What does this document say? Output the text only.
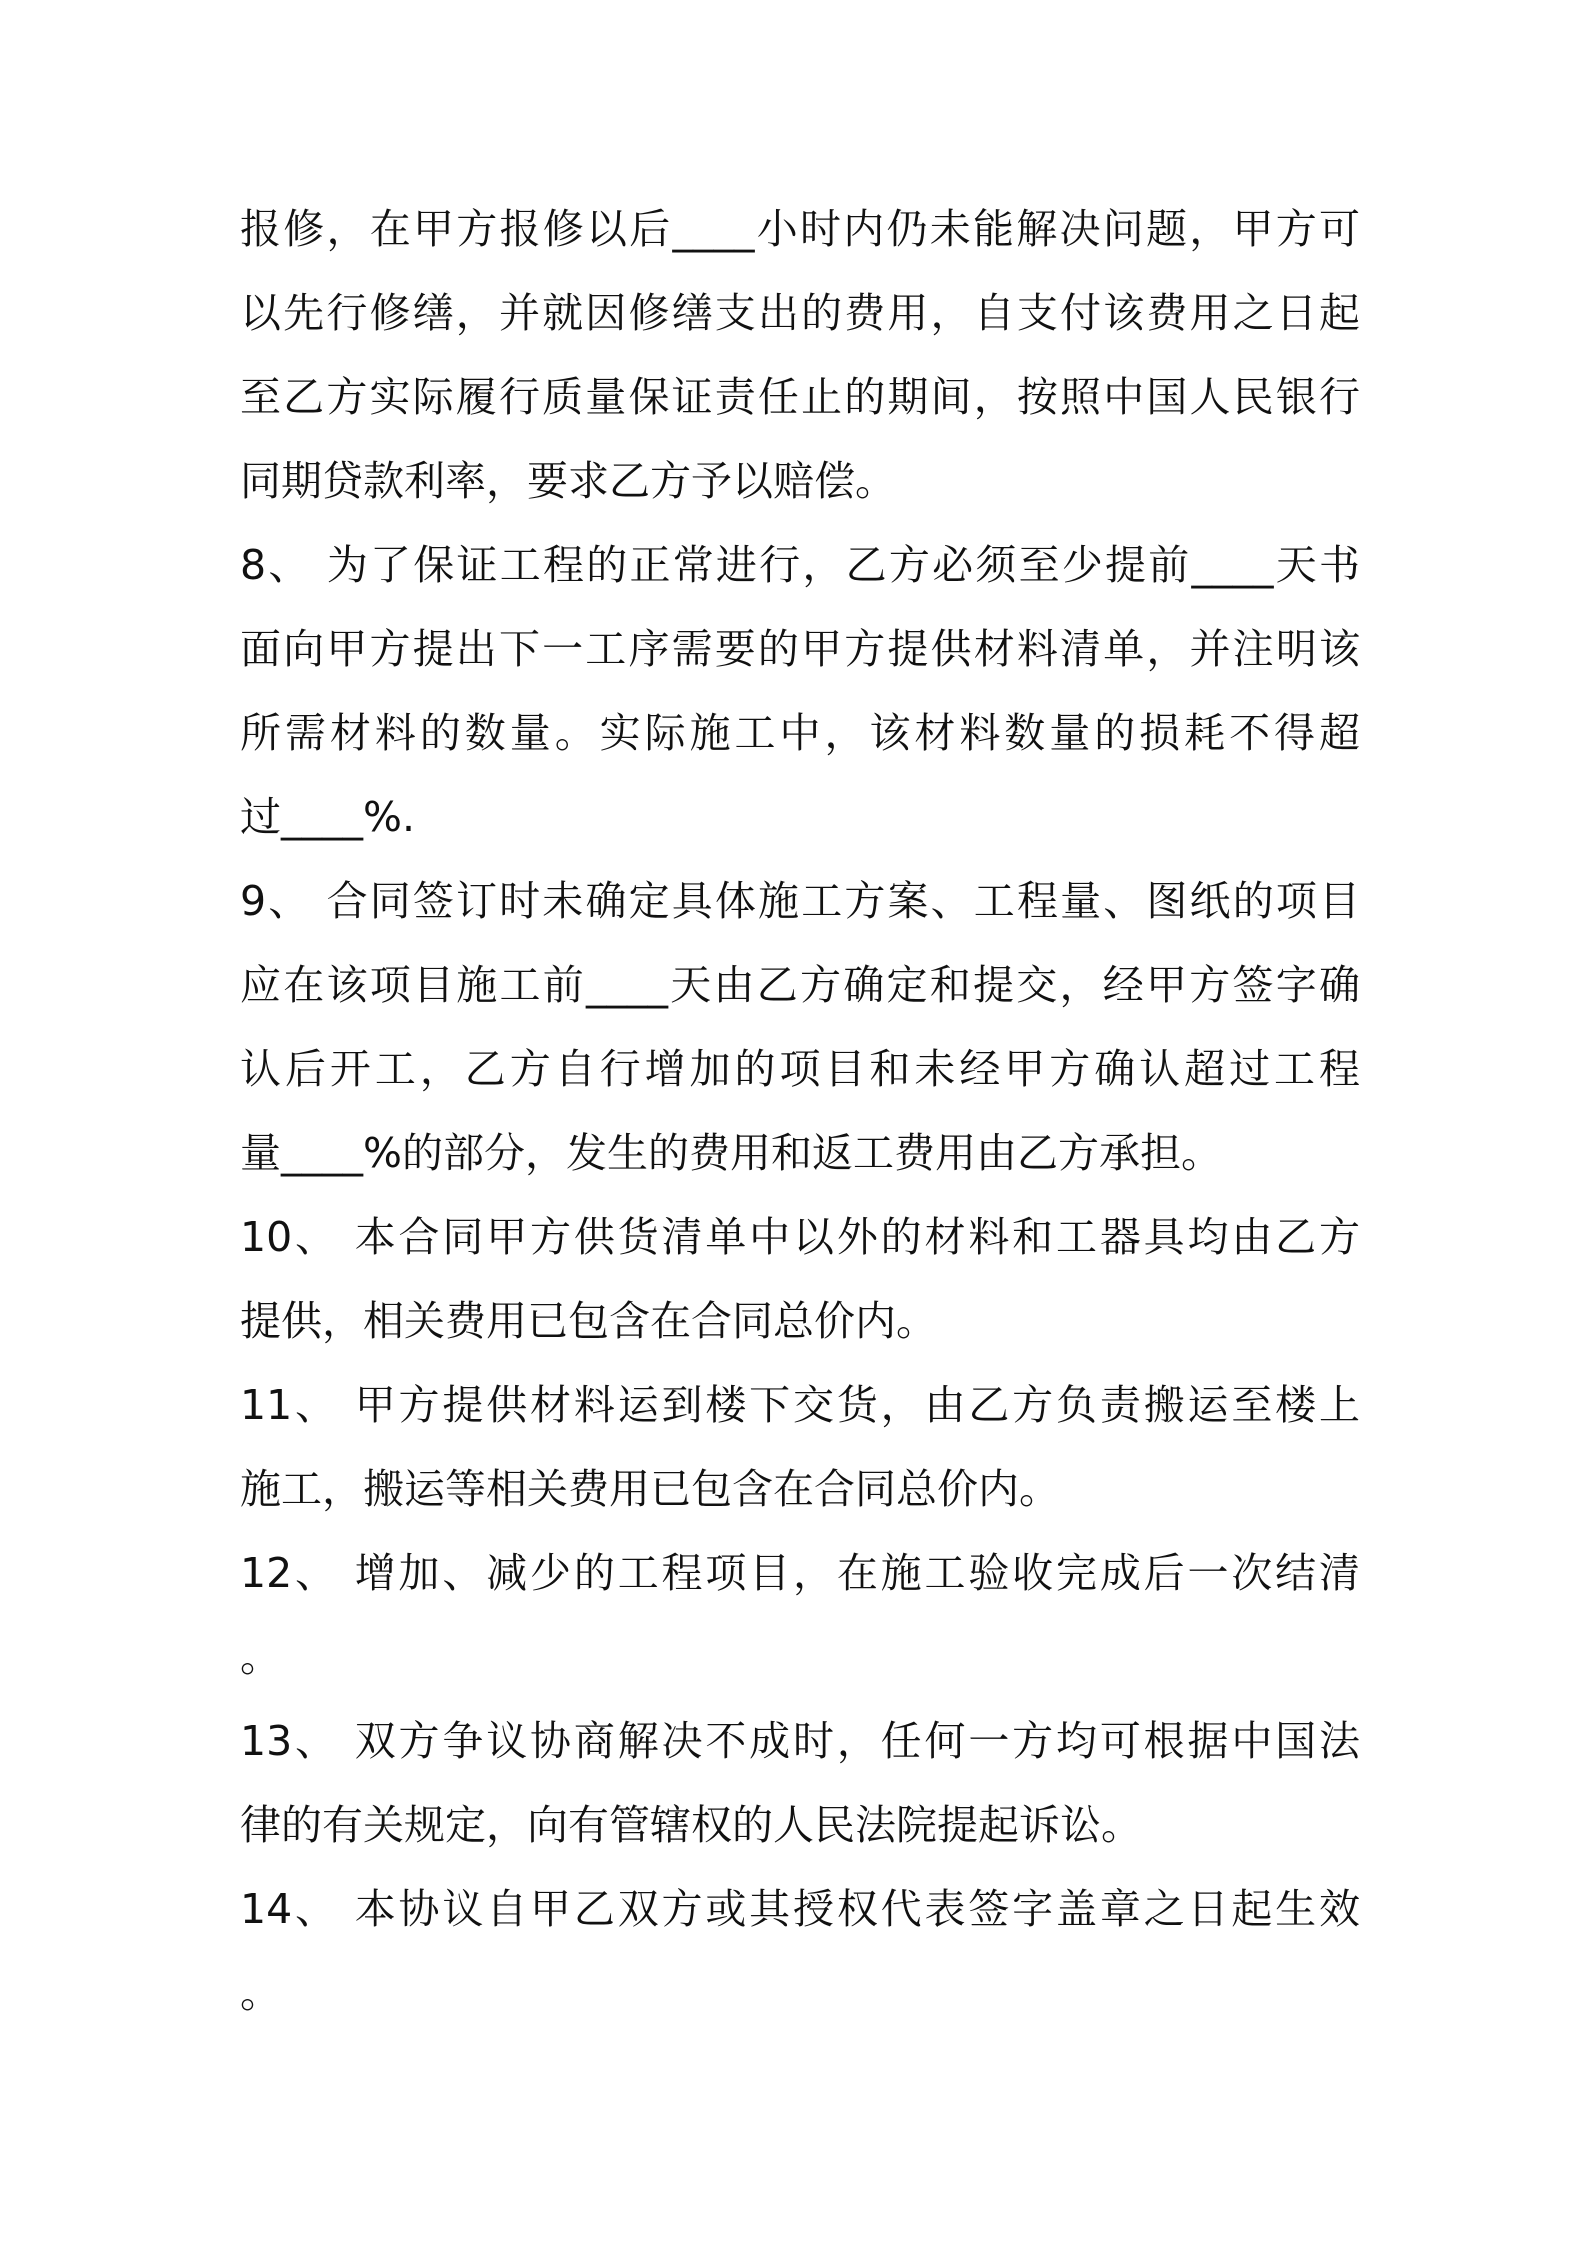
报修，在甲方报修以后____小时内仍未能解决问题，甲方可
以先行修缮，并就因修缮支出的费用，自支付该费用之日起
至乙方实际履行质量保证责任止的期间，按照中国人民银行
同期贷款利率，要求乙方予以赔偿。
8、 为了保证工程的正常进行，乙方必须至少提前____天书
面向甲方提出下一工序需要的甲方提供材料清单，并注明该
所需材料的数量。实际施工中，该材料数量的损耗不得超
过____%.
9、 合同签订时未确定具体施工方案、工程量、图纸的项目
应在该项目施工前____天由乙方确定和提交，经甲方签字确
认后开工，乙方自行增加的项目和未经甲方确认超过工程
量____%的部分，发生的费用和返工费用由乙方承担。
10、 本合同甲方供货清单中以外的材料和工器具均由乙方
提供，相关费用已包含在合同总价内。
11、 甲方提供材料运到楼下交货，由乙方负责搬运至楼上
施工，搬运等相关费用已包含在合同总价内。
12、 增加、减少的工程项目，在施工验收完成后一次结清
。
13、 双方争议协商解决不成时，任何一方均可根据中国法
律的有关规定，向有管辖权的人民法院提起诉讼。
14、 本协议自甲乙双方或其授权代表签字盖章之日起生效
。
